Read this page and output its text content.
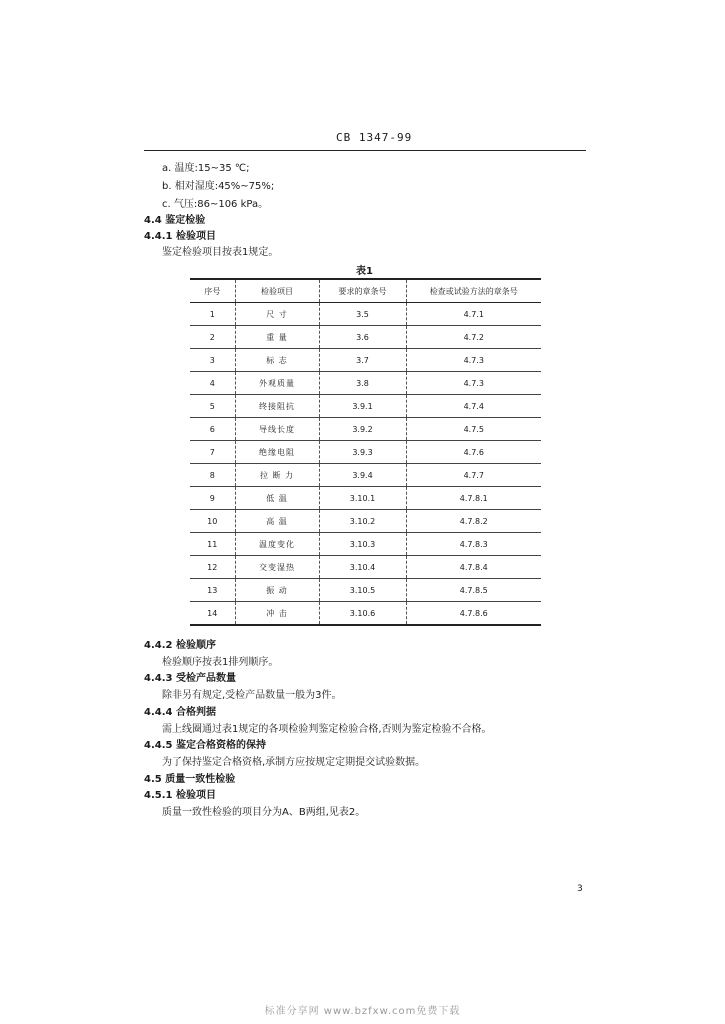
CB 1347-99
a. 温度:15~35 ℃;
b. 相对湿度:45%~75%;
c. 气压:86~106 kPa。
4.4 鉴定检验
4.4.1 检验项目
鉴定检验项目按表1规定。
表1
序号	检验项目	要求的章条号	检查或试验方法的章条号
1	尺 寸	3.5	4.7.1
2	重 量	3.6	4.7.2
3	标 志	3.7	4.7.3
4	外观质量	3.8	4.7.3
5	终接阻抗	3.9.1	4.7.4
6	导线长度	3.9.2	4.7.5
7	绝缘电阻	3.9.3	4.7.6
8	拉 断 力	3.9.4	4.7.7
9	低 温	3.10.1	4.7.8.1
10	高 温	3.10.2	4.7.8.2
11	温度变化	3.10.3	4.7.8.3
12	交变湿热	3.10.4	4.7.8.4
13	振 动	3.10.5	4.7.8.5
14	冲 击	3.10.6	4.7.8.6
4.4.2 检验顺序
检验顺序按表1排列顺序。
4.4.3 受检产品数量
除非另有规定,受检产品数量一般为3件。
4.4.4 合格判据
需上线圈通过表1规定的各项检验判鉴定检验合格,否则为鉴定检验不合格。
4.4.5 鉴定合格资格的保持
为了保持鉴定合格资格,承制方应按规定定期提交试验数据。
4.5 质量一致性检验
4.5.1 检验项目
质量一致性检验的项目分为A、B两组,见表2。
3
标准分享网 www.bzfxw.com免费下载
